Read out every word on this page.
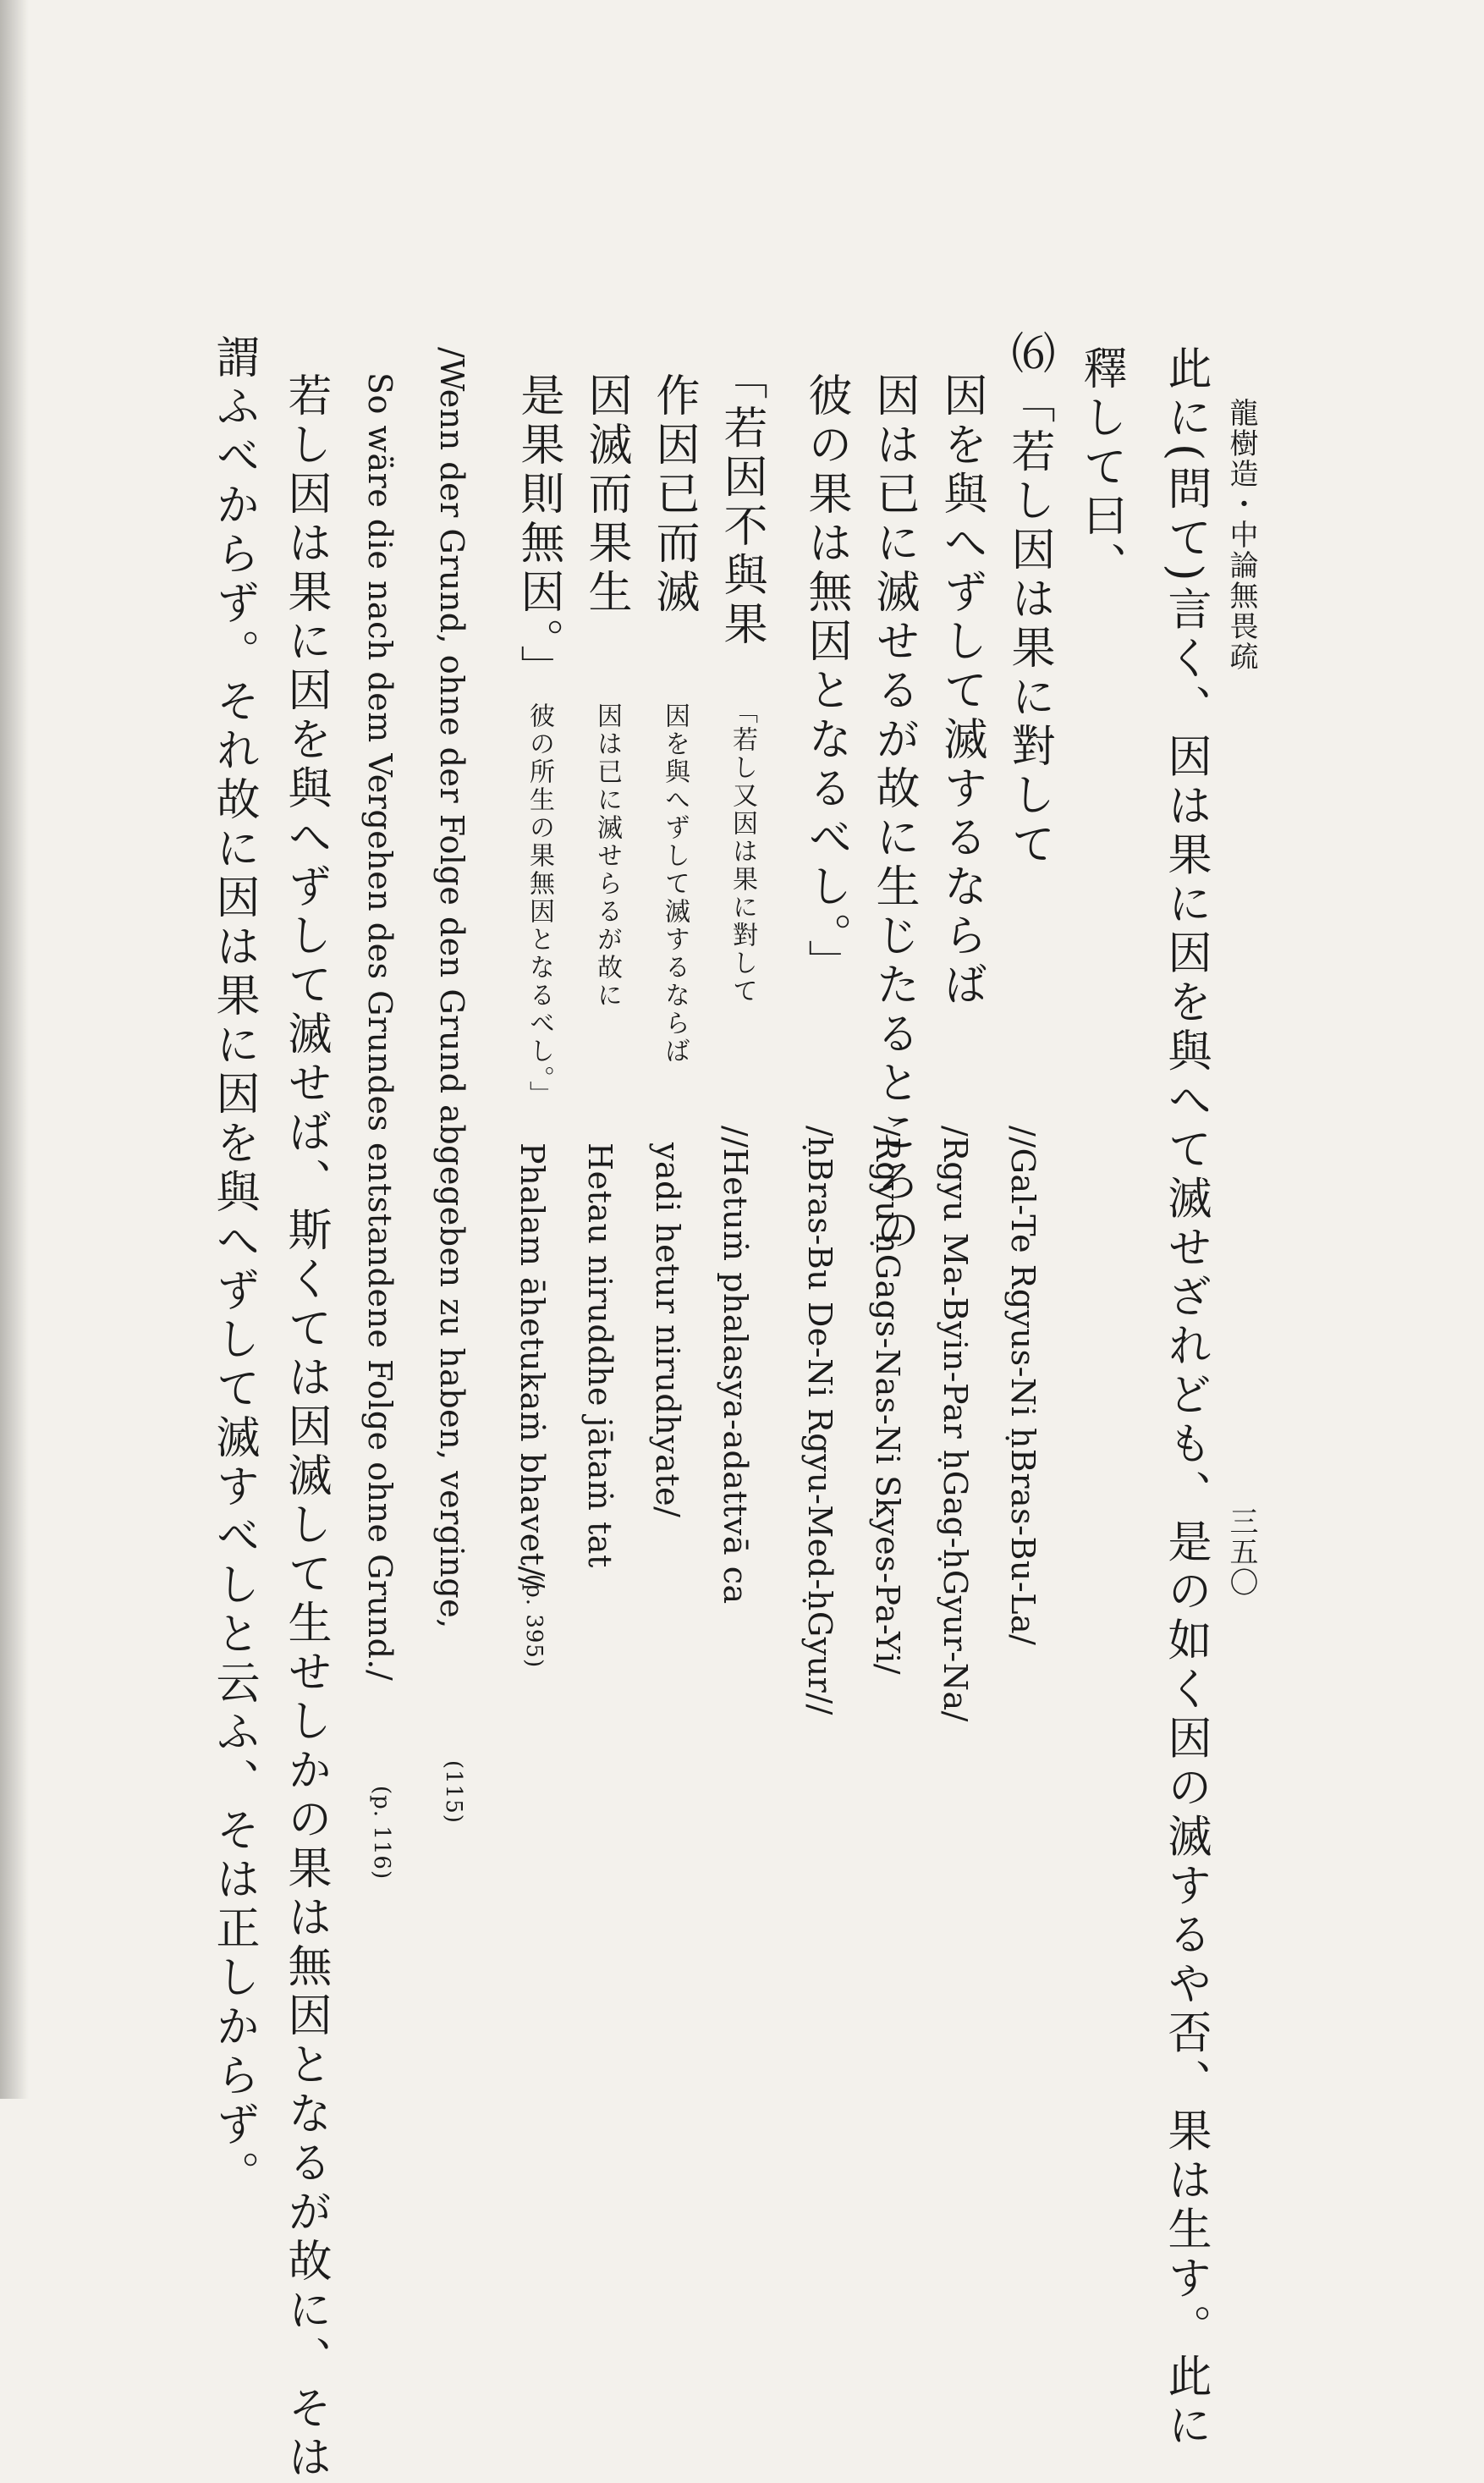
龍樹造・中論無畏疏
三五〇
此に(問て)言く、因は果に因を與へて滅せざれども、是の如く因の滅するや否、果は生す。此に
釋して曰、
⑹「若し因は果に對して
因を與へずして滅するならば
因は已に滅せるが故に生じたるところの
彼の果は無因となるべし。」
//Gal-Te Rgyus-Ni ḥBras-Bu-La/
/Rgyu Ma-Byin-Par ḥGag-ḥGyur-Na/
/Rgyu ḥGags-Nas-Ni Skyes-Pa-Yi/
/ḥBras-Bu De-Ni Rgyu-Med-ḥGyur//
「若因不與果
作因已而滅
因滅而果生
是果則無因。」
「若し又因は果に對して
因を與へずして滅するならば
因は已に滅せらるが故に
彼の所生の果無因となるべし。」
//Hetuṁ phalasya-adattvā ca
yadi hetur nirudhyate/
Hetau niruddhe jātaṁ tat
Phalam āhetukaṁ bhavet//
(p. 395)
/Wenn der Grund, ohne der Folge den Grund abgegeben zu haben, verginge,
(115)
So wäre die nach dem Vergehen des Grundes entstandene Folge ohne Grund./
(p. 116)
若し因は果に因を與へずして滅せば、斯くては因滅して生せしかの果は無因となるが故に、そは
謂ふべからず。それ故に因は果に因を與へずして滅すべしと云ふ、そは正しからず。
